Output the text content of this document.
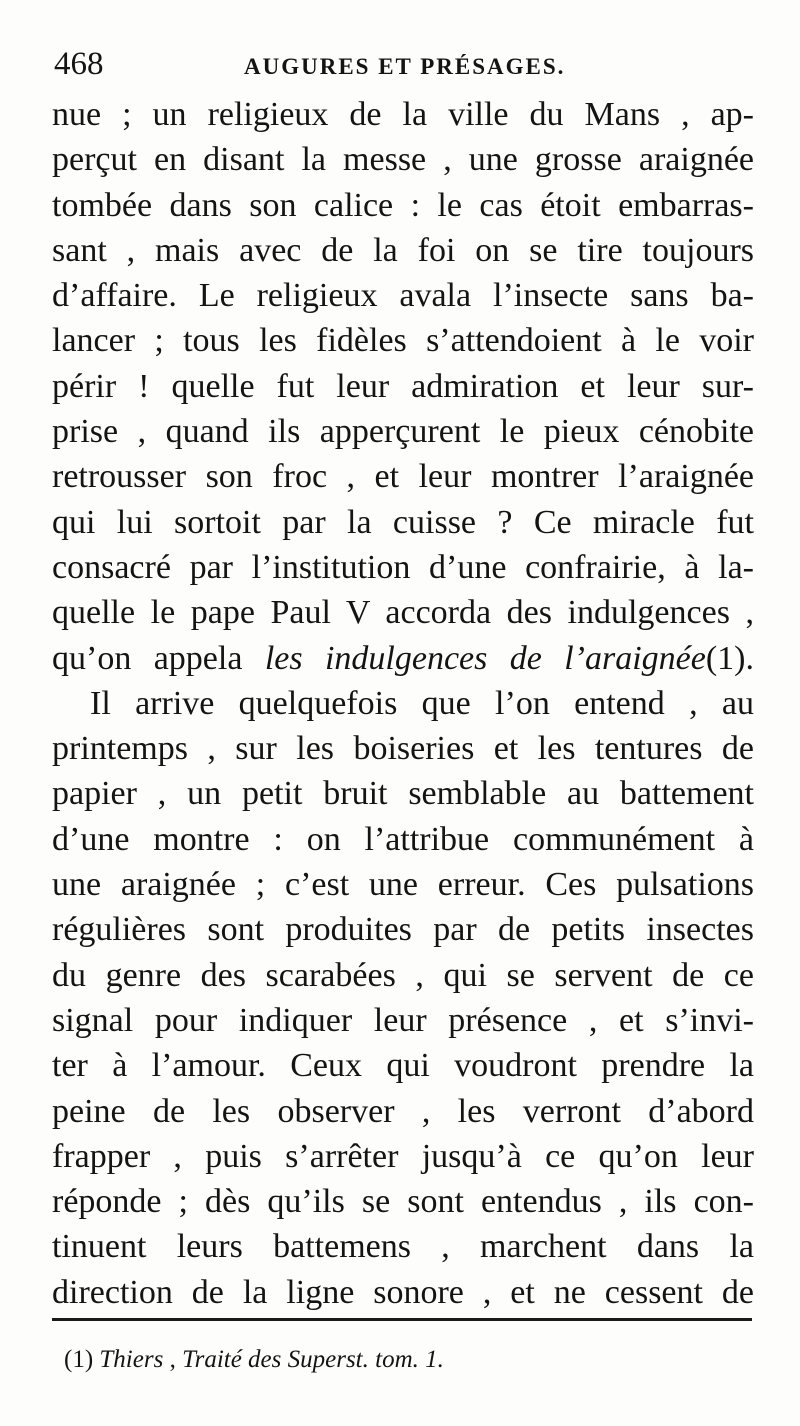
468	AUGURES ET PRÉSAGES.
nue ; un religieux de la ville du Mans , ap-
perçut en disant la messe , une grosse araignée
tombée dans son calice : le cas étoit embarras-
sant , mais avec de la foi on se tire toujours
d’affaire. Le religieux avala l’insecte sans ba-
lancer ; tous les fidèles s’attendoient à le voir
périr ! quelle fut leur admiration et leur sur-
prise , quand ils apperçurent le pieux cénobite
retrousser son froc , et leur montrer l’araignée
qui lui sortoit par la cuisse ? Ce miracle fut
consacré par l’institution d’une confrairie, à la-
quelle le pape Paul V accorda des indulgences ,
qu’on appela les indulgences de l’araignée(1).
Il arrive quelquefois que l’on entend , au
printemps , sur les boiseries et les tentures de
papier , un petit bruit semblable au battement
d’une montre : on l’attribue communément à
une araignée ; c’est une erreur. Ces pulsations
régulières sont produites par de petits insectes
du genre des scarabées , qui se servent de ce
signal pour indiquer leur présence , et s’invi-
ter à l’amour. Ceux qui voudront prendre la
peine de les observer , les verront d’abord
frapper , puis s’arrêter jusqu’à ce qu’on leur
réponde ; dès qu’ils se sont entendus , ils con-
tinuent leurs battemens , marchent dans la
direction de la ligne sonore , et ne cessent de
(1) Thiers , Traité des Superst. tom. 1.
